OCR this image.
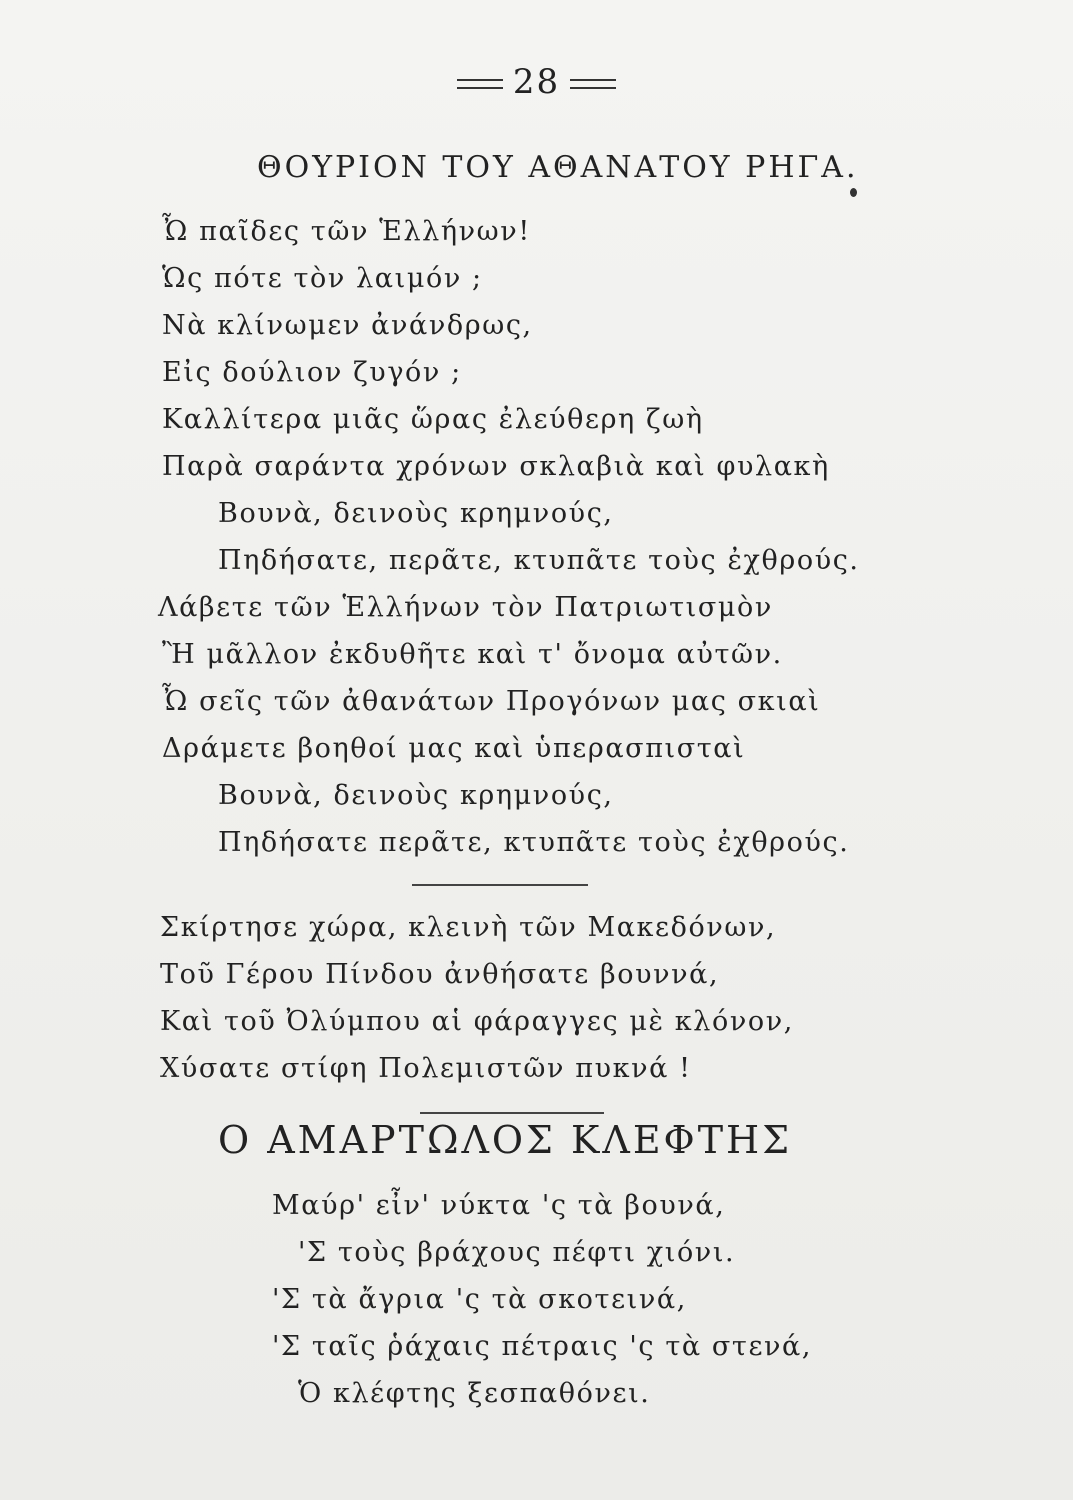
28
ΘΟΥΡΙΟΝ ΤΟΥ ΑΘΑΝΑΤΟΥ ΡΗΓΑ.
Ὦ παῖδες τῶν Ἑλλήνων!
Ὡς πότε τὸν λαιμόν ;
Νὰ κλίνωμεν ἀνάνδρως,
Εἰς δούλιον ζυγόν ;
Καλλίτερα μιᾶς ὥρας ἐλεύθερη ζωὴ
Παρὰ σαράντα χρόνων σκλαβιὰ καὶ φυλακὴ
Βουνὰ, δεινοὺς κρημνούς,
Πηδήσατε, περᾶτε, κτυπᾶτε τοὺς ἐχθρούς.
Λάβετε τῶν Ἑλλήνων τὸν Πατριωτισμὸν
Ἢ μᾶλλον ἐκδυθῆτε καὶ τ' ὄνομα αὐτῶν.
Ὦ σεῖς τῶν ἀθανάτων Προγόνων μας σκιαὶ
Δράμετε βοηθοί μας καὶ ὑπερασπισταὶ
Βουνὰ, δεινοὺς κρημνούς,
Πηδήσατε περᾶτε, κτυπᾶτε τοὺς ἐχθρούς.
Σκίρτησε χώρα, κλεινὴ τῶν Μακεδόνων,
Τοῦ Γέρου Πίνδου ἀνθήσατε βουννά,
Καὶ τοῦ Ὀλύμπου αἱ φάραγγες μὲ κλόνον,
Χύσατε στίφη Πολεμιστῶν πυκνά !
Ο ΑΜΑΡΤΩΛΟΣ ΚΛΕΦΤΗΣ
Μαύρ' εἶν' νύκτα 'ς τὰ βουνά,
'Σ τοὺς βράχους πέφτι χιόνι.
'Σ τὰ ἄγρια 'ς τὰ σκοτεινά,
'Σ ταῖς ῥάχαις πέτραις 'ς τὰ στενά,
Ὁ κλέφτης ξεσπαθόνει.
